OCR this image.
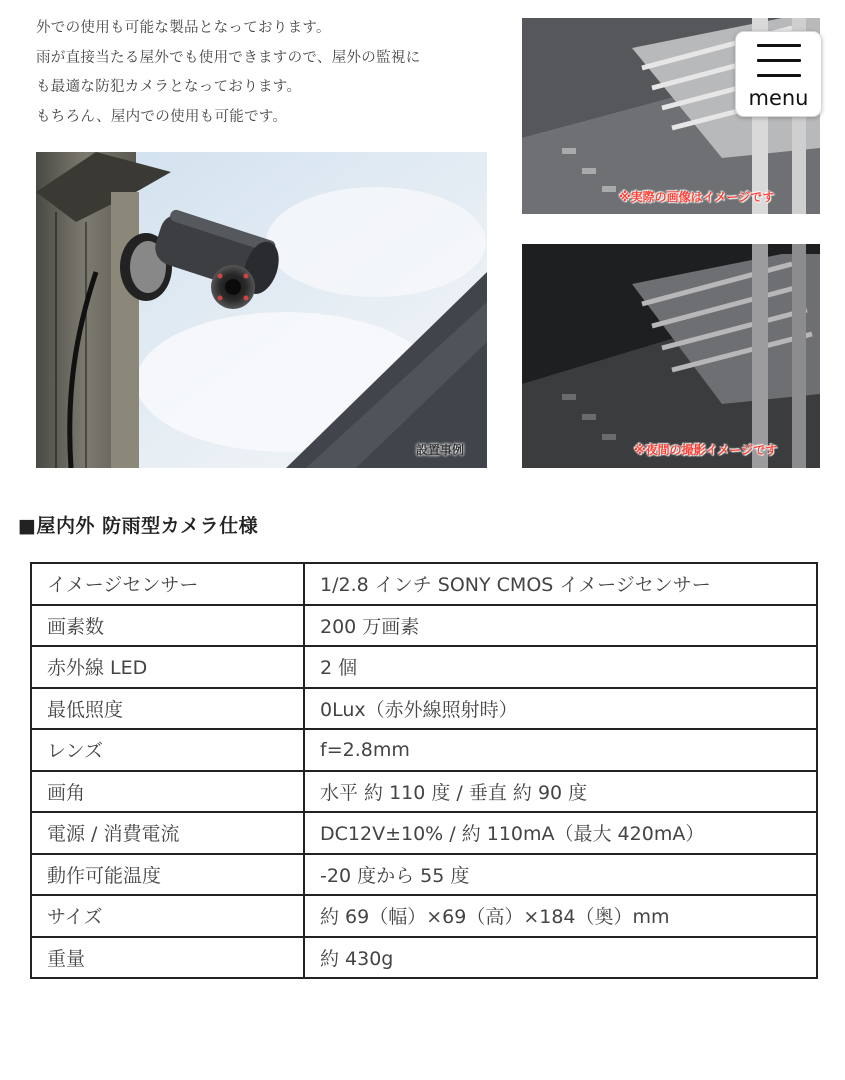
外での使用も可能な製品となっております。

雨が直接当たる屋外でも使用できますので、屋外の監視に

も最適な防犯カメラとなっております。

もちろん、屋内での使用も可能です。

設置事例
※実際の画像はイメージです
※夜間の撮影イメージです
menu
■屋内外 防雨型カメラ仕様
イメージセンサー	1/2.8 インチ SONY CMOS イメージセンサー
画素数	200 万画素
赤外線 LED	2 個
最低照度	0Lux（赤外線照射時）
レンズ	f=2.8mm
画角	水平 約 110 度 / 垂直 約 90 度
電源 / 消費電流	DC12V±10% / 約 110mA（最大 420mA）
動作可能温度	-20 度から 55 度
サイズ	約 69（幅）×69（高）×184（奥）mm
重量	約 430g
